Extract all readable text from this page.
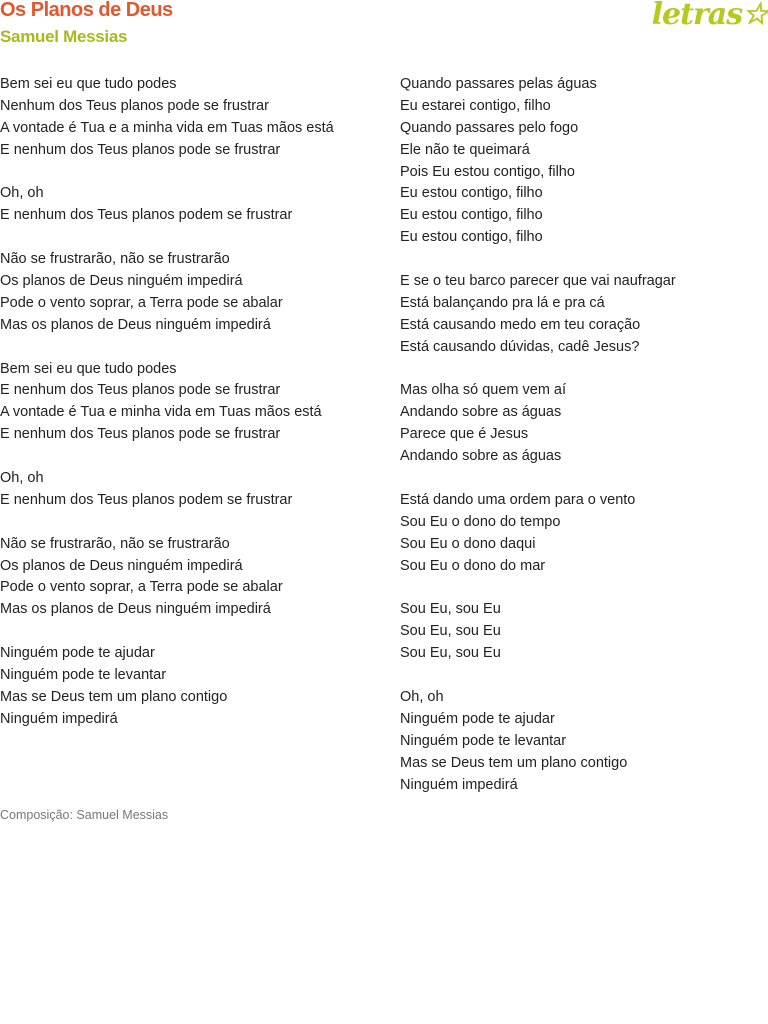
Os Planos de Deus
Samuel Messias
letras☆
Bem sei eu que tudo podes
Nenhum dos Teus planos pode se frustrar
A vontade é Tua e a minha vida em Tuas mãos está
E nenhum dos Teus planos pode se frustrar
Oh, oh
E nenhum dos Teus planos podem se frustrar
Não se frustrarão, não se frustrarão
Os planos de Deus ninguém impedirá
Pode o vento soprar, a Terra pode se abalar
Mas os planos de Deus ninguém impedirá
Bem sei eu que tudo podes
E nenhum dos Teus planos pode se frustrar
A vontade é Tua e minha vida em Tuas mãos está
E nenhum dos Teus planos pode se frustrar
Oh, oh
E nenhum dos Teus planos podem se frustrar
Não se frustrarão, não se frustrarão
Os planos de Deus ninguém impedirá
Pode o vento soprar, a Terra pode se abalar
Mas os planos de Deus ninguém impedirá
Ninguém pode te ajudar
Ninguém pode te levantar
Mas se Deus tem um plano contigo
Ninguém impedirá
Quando passares pelas águas
Eu estarei contigo, filho
Quando passares pelo fogo
Ele não te queimará
Pois Eu estou contigo, filho
Eu estou contigo, filho
Eu estou contigo, filho
Eu estou contigo, filho
E se o teu barco parecer que vai naufragar
Está balançando pra lá e pra cá
Está causando medo em teu coração
Está causando dúvidas, cadê Jesus?
Mas olha só quem vem aí
Andando sobre as águas
Parece que é Jesus
Andando sobre as águas
Está dando uma ordem para o vento
Sou Eu o dono do tempo
Sou Eu o dono daqui
Sou Eu o dono do mar
Sou Eu, sou Eu
Sou Eu, sou Eu
Sou Eu, sou Eu
Oh, oh
Ninguém pode te ajudar
Ninguém pode te levantar
Mas se Deus tem um plano contigo
Ninguém impedirá
Composição: Samuel Messias
